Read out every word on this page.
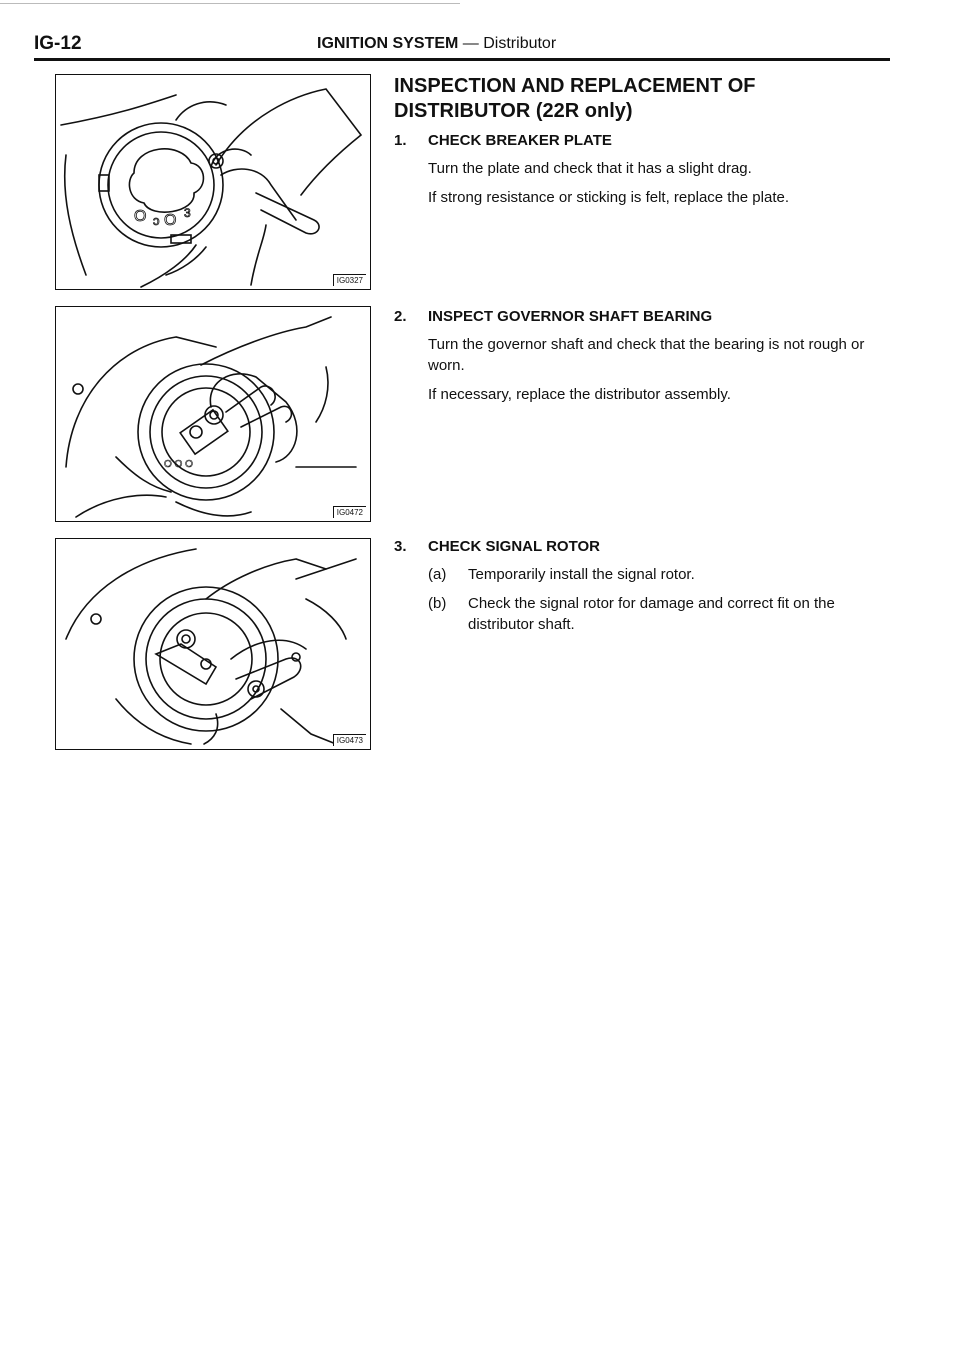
IG-12	IGNITION SYSTEM — Distributor
O ɔ O 3
IG0327
O O O
IG0472
IG0473
INSPECTION AND REPLACEMENT OF
DISTRIBUTOR (22R only)
1. CHECK BREAKER PLATE

Turn the plate and check that it has a slight drag.

If strong resistance or sticking is felt, replace the plate.

2. INSPECT GOVERNOR SHAFT BEARING

Turn the governor shaft and check that the bearing is not rough or worn.

If necessary, replace the distributor assembly.

3. CHECK SIGNAL ROTOR
(a) Temporarily install the signal rotor.
(b) Check the signal rotor for damage and correct fit on the distributor shaft.
